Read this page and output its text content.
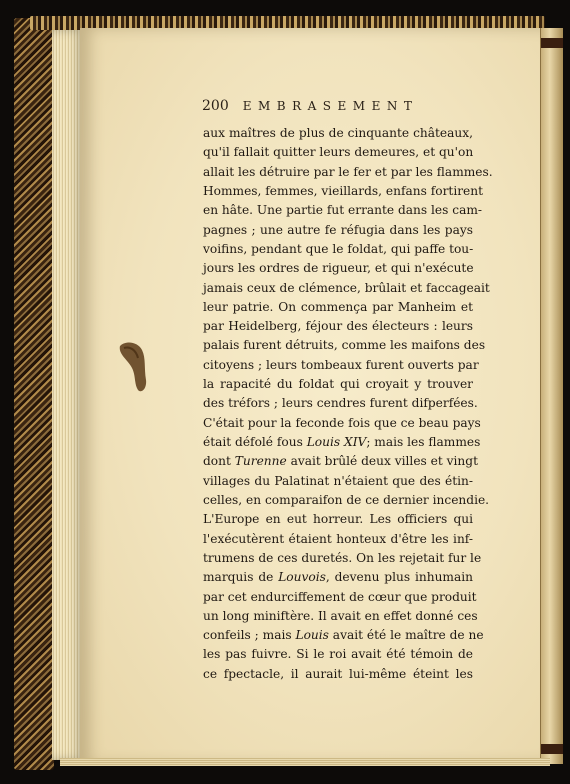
200 EMBRASEMENT
aux maîtres de plus de cinquante châteaux,
qu'il fallait quitter leurs demeures, et qu'on
allait les détruire par le fer et par les flammes.
Hommes, femmes, vieillards, enfans fortirent
en hâte. Une partie fut errante dans les cam-
pagnes ; une autre fe réfugia dans les pays
voifins, pendant que le foldat, qui paffe tou-
jours les ordres de rigueur, et qui n'exécute
jamais ceux de clémence, brûlait et faccageait
leur patrie. On commença par Manheim et
par Heidelberg, féjour des électeurs : leurs
palais furent détruits, comme les maifons des
citoyens ; leurs tombeaux furent ouverts par
la rapacité du foldat qui croyait y trouver
des tréfors ; leurs cendres furent difperfées.
C'était pour la feconde fois que ce beau pays
était défolé fous Louis XIV; mais les flammes
dont Turenne avait brûlé deux villes et vingt
villages du Palatinat n'étaient que des étin-
celles, en comparaifon de ce dernier incendie.
L'Europe en eut horreur. Les officiers qui
l'exécutèrent étaient honteux d'être les inf-
trumens de ces duretés. On les rejetait fur le
marquis de Louvois, devenu plus inhumain
par cet endurciffement de cœur que produit
un long miniftère. Il avait en effet donné ces
confeils ; mais Louis avait été le maître de ne
les pas fuivre. Si le roi avait été témoin de
ce fpectacle, il aurait lui-même éteint les
